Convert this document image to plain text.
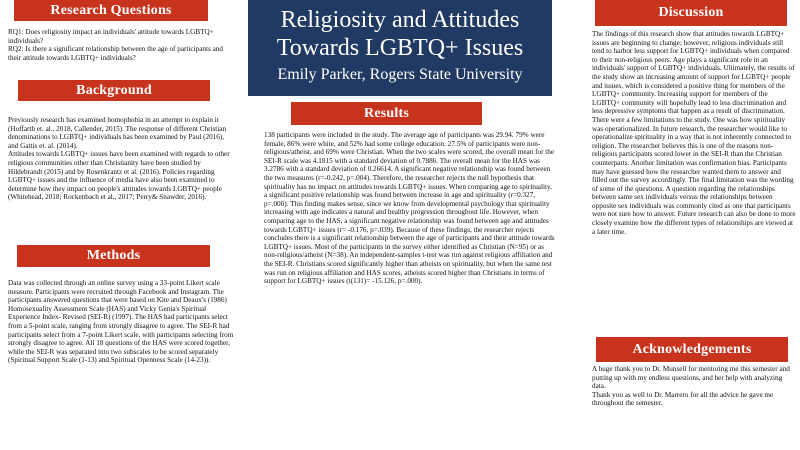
Research Questions

RQ1: Does religiosity impact an individuals' attitude towards LGBTQ+ individuals?

RQ2: Is there a significant relationship between the age of participants and their attitude towards LGBTQ+ individuals?

Background

Previously research has examined homophobia in an attempt to explain it (Hoffarth et. al., 2018, Callender, 2015). The response of different Christian denominations to LGBTQ+ individuals has been examined by Paul (2016), and Gattis et. al. (2014).

Attitudes towards LGBTQ+ issues have been examined with regards to other religious communities other than Christianity have been studied by Hildebrandt (2015) and by Rosenkrantz et al. (2016). Policies regarding LGBTQ+ issues and the influence of media have also been examined to determine how they impact on people's attitudes towards LGBTQ+ people (Whitehead, 2018; Rockenbach et al., 2017; Perry& Snawder, 2016).

Methods

Data was collected through an online survey using a 33-point Likert scale measure. Participants were recruited through Facebook and Instagram. The participants answered questions that were based on Kite and Deaux's (1986) Homosexuality Assessment Scale (HAS) and Vicky Genia's Spiritual Experience Index- Revised (SEI-R) (1997). The HAS had participants select from a 5-point scale, ranging from strongly disagree to agree. The SEI-R had participants select from a 7-point Likert scale, with participants selecting from strongly disagree to agree. All 18 questions of the HAS were scored together, while the SEI-R was separated into two subscales to be scored separately (Spiritual Support Scale (1-13) and Spiritual Openness Scale (14-23)).

Religiosity and Attitudes Towards LGBTQ+ Issues
Emily Parker, Rogers State University
Results

138 participants were included in the study. The average age of participants was 29.94. 79% were female, 86% were white, and 52% had some college education. 27.5% of participants were non-religious/atheist, and 69% were Christian. When the two scales were scored, the overall mean for the SEI-R scale was 4.1815 with a standard deviation of 0.7886. The overall mean for the HAS was 3.2786 with a standard deviation of 0.26614. A significant negative relationship was found between the two measures (r=-0.242, p=.004). Therefore, the researcher rejects the null hypothesis that spirituality has no impact on attitudes towards LGBTQ+ issues. When comparing age to spirituality, a significant positive relationship was found between increase in age and spirituality (r=0.327, p=.000). This finding makes sense, since we know from developmental psychology that spirituality increasing with age indicates a natural and healthy progression throughout life. However, when comparing age to the HAS, a significant negative relationship was found between age and attitudes towards LGBTQ+ issues (r= -0.176, p=.039). Because of these findings, the researcher rejects concludes there is a significant relationship between the age of participants and their attitude towards LGBTQ+ issues. Most of the participants in the survey either identified as Christian (N=95) or as non-religious/atheist (N=38). An independent-samples t-test was run against religious affiliation and the SEI-R. Christians scored significantly higher than atheists on spirituality, but when the same test was run on religious affiliation and HAS scores, atheists scored higher than Christians in terms of support for LGBTQ+ issues (t(131)= -15.126, p=.000).

Discussion

The findings of this research show that attitudes towards LGBTQ+ issues are beginning to change; however, religious individuals still tend to harbor less support for LGBTQ+ individuals when compared to their non-religious peers. Age plays a significant role in an individuals' support of LGBTQ+ individuals. Ultimately, the results of the study show an increasing amount of support for LGBTQ+ people and issues, which is considered a positive thing for members of the LGBTQ+ community. Increasing support for members of the LGBTQ+ community will hopefully lead to less discrimination and less depressive symptoms that happen as a result of discrimination. There were a few limitations to the study. One was how spirituality was operationalized. In future research, the researcher would like to operationalize spirituality in a way that is not inherently connected to religion. The researcher believes this is one of the reasons non-religious participants scored lower in the SEI-R than the Christian counterparts. Another limitation was confirmation bias. Participants may have guessed how the researcher wanted them to answer and filled out the survey accordingly. The final limitation was the wording of some of the questions. A question regarding the relationships between same sex individuals versus the relationships between opposite sex individuals was commonly cited as one that participants were not sure how to answer. Future research can also be done to more closely examine how the different types of relationships are viewed at a later time.

Acknowledgements

A huge thank you to Dr. Munsell for mentoring me this semester and putting up with my endless questions, and her help with analyzing data.

Thank you as well to Dr. Marrero for all the advice he gave me throughout the semester.
